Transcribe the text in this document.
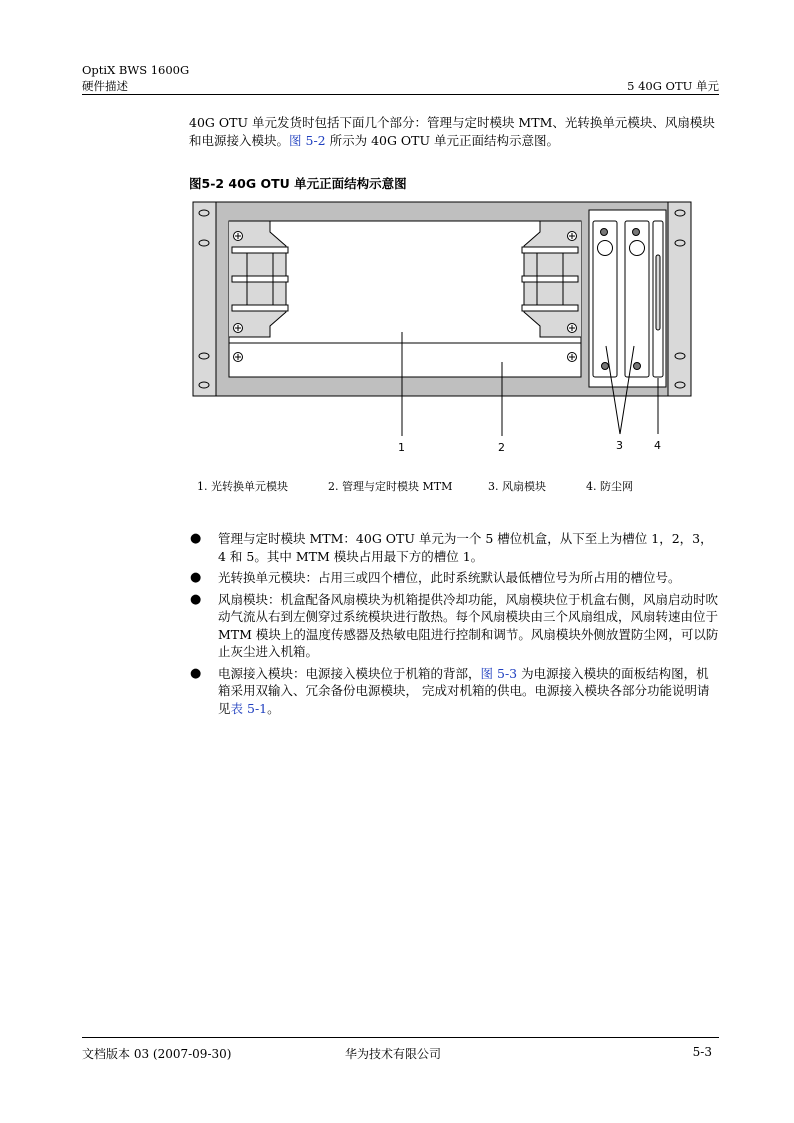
OptiX BWS 1600G
硬件描述	5 40G OTU 单元
40G OTU 单元发货时包括下面几个部分：管理与定时模块 MTM、光转换单元模块、风扇模块和电源接入模块。图 5-2 所示为 40G OTU 单元正面结构示意图。
图5-2 40G OTU 单元正面结构示意图
1	2	3	4
1. 光转换单元模块	2. 管理与定时模块 MTM	3. 风扇模块	4. 防尘网
● 管理与定时模块 MTM：40G OTU 单元为一个 5 槽位机盒，从下至上为槽位 1，2，3，4 和 5。其中 MTM 模块占用最下方的槽位 1。
● 光转换单元模块：占用三或四个槽位，此时系统默认最低槽位号为所占用的槽位号。
● 风扇模块：机盒配备风扇模块为机箱提供冷却功能，风扇模块位于机盒右侧，风扇启动时吹动气流从右到左侧穿过系统模块进行散热。每个风扇模块由三个风扇组成，风扇转速由位于 MTM 模块上的温度传感器及热敏电阻进行控制和调节。风扇模块外侧放置防尘网，可以防止灰尘进入机箱。
● 电源接入模块：电源接入模块位于机箱的背部，图 5-3 为电源接入模块的面板结构图，机箱采用双输入、冗余备份电源模块， 完成对机箱的供电。电源接入模块各部分功能说明请见表 5-1。
文档版本 03 (2007-09-30)	华为技术有限公司	5-3
